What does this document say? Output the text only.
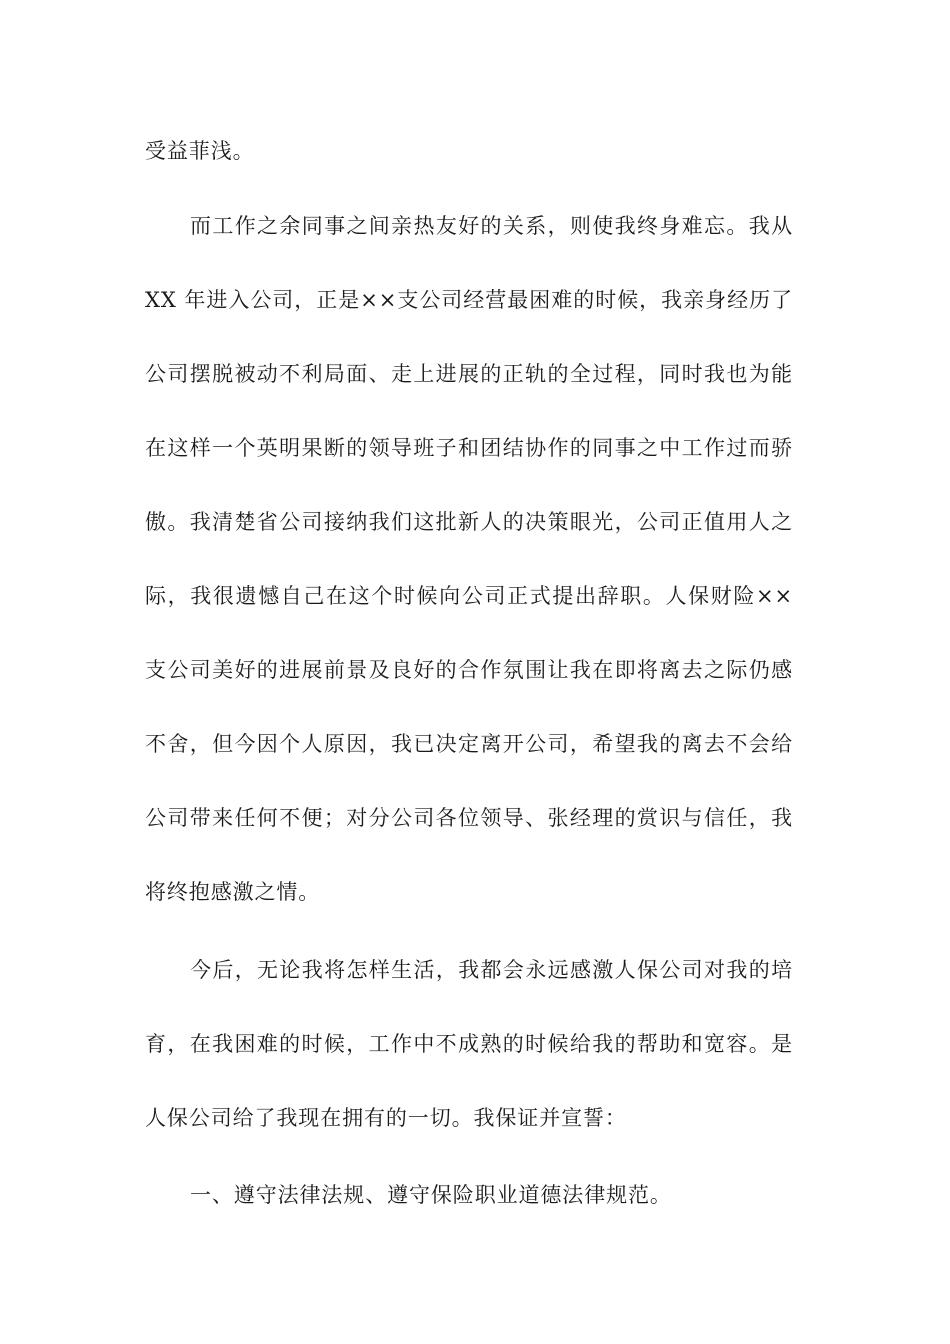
受益菲浅。
而工作之余同事之间亲热友好的关系，则使我终身难忘。我从
XX 年进入公司，正是××支公司经营最困难的时候，我亲身经历了
公司摆脱被动不利局面、走上进展的正轨的全过程，同时我也为能
在这样一个英明果断的领导班子和团结协作的同事之中工作过而骄
傲。我清楚省公司接纳我们这批新人的决策眼光，公司正值用人之
际，我很遗憾自己在这个时候向公司正式提出辞职。人保财险××
支公司美好的进展前景及良好的合作氛围让我在即将离去之际仍感
不舍，但今因个人原因，我已决定离开公司，希望我的离去不会给
公司带来任何不便；对分公司各位领导、张经理的赏识与信任，我
将终抱感激之情。
今后，无论我将怎样生活，我都会永远感激人保公司对我的培
育，在我困难的时候，工作中不成熟的时候给我的帮助和宽容。是
人保公司给了我现在拥有的一切。我保证并宣誓：
一、遵守法律法规、遵守保险职业道德法律规范。
